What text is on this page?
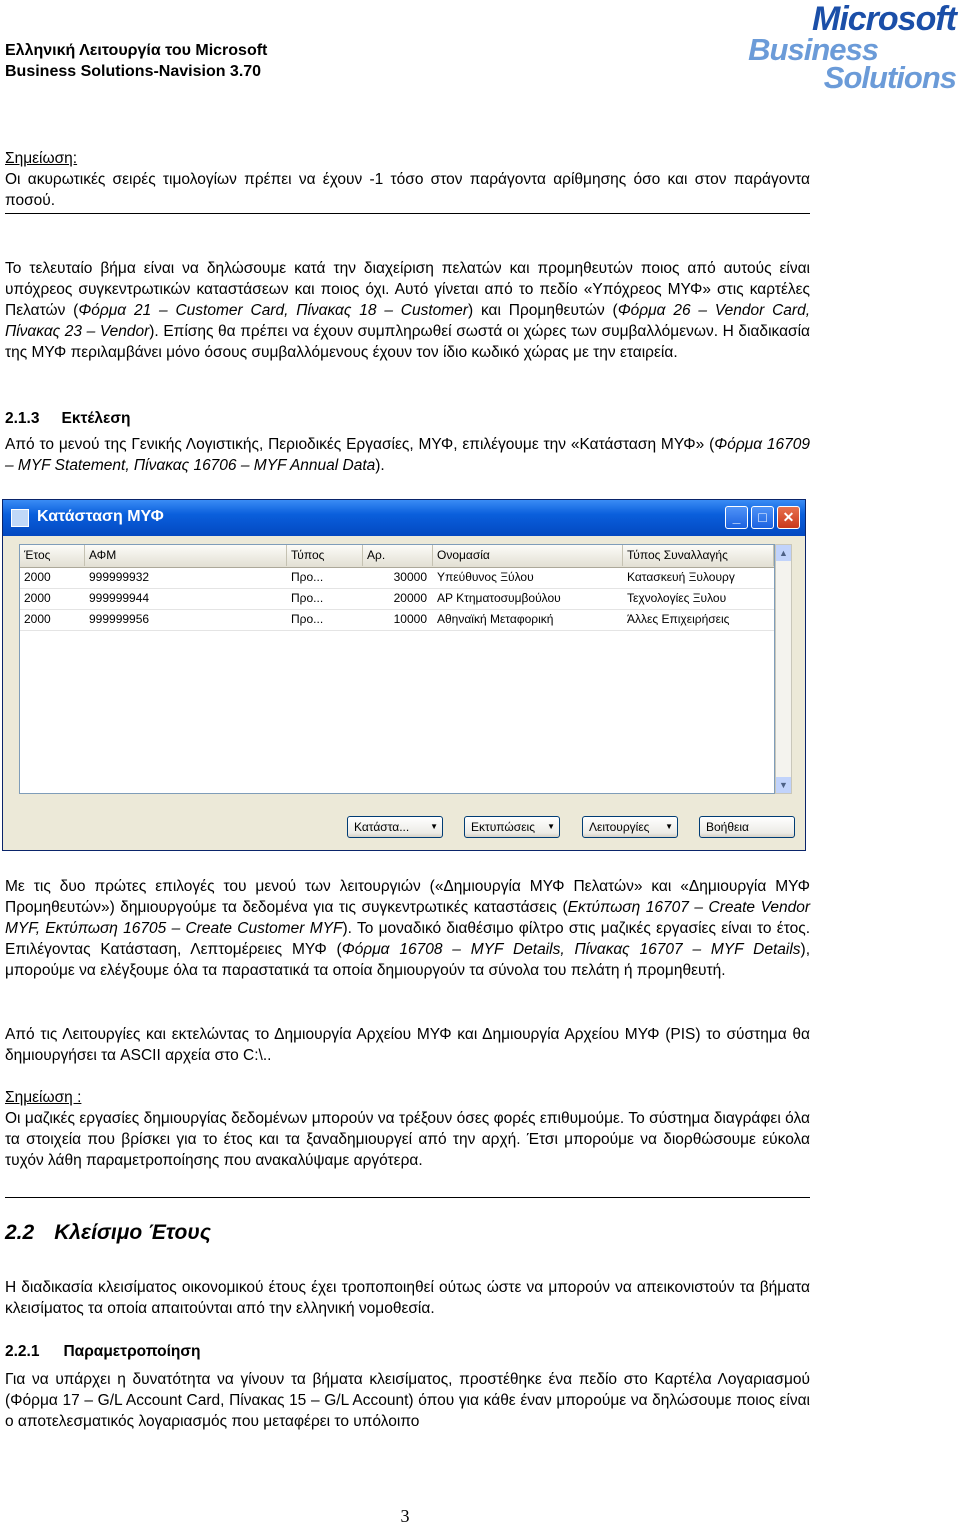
Ελληνική Λειτουργία του Microsoft
Business Solutions-Navision 3.70
Microsoft
Business
Solutions
Σημείωση:
Οι ακυρωτικές σειρές τιμολογίων πρέπει να έχουν -1 τόσο στον παράγοντα αρίθμησης όσο και στον παράγοντα ποσού.
Το τελευταίο βήμα είναι να δηλώσουμε κατά την διαχείριση πελατών και προμηθευτών ποιος από αυτούς είναι υπόχρεος συγκεντρωτικών καταστάσεων και ποιος όχι. Αυτό γίνεται από το πεδίο «Υπόχρεος ΜΥΦ» στις καρτέλες Πελατών (Φόρμα 21 – Customer Card, Πίνακας 18 – Customer) και Προμηθευτών (Φόρμα 26 – Vendor Card, Πίνακας 23 – Vendor). Επίσης θα πρέπει να έχουν συμπληρωθεί σωστά οι χώρες των συμβαλλόμενων. Η διαδικασία της ΜΥΦ περιλαμβάνει μόνο όσους συμβαλλόμενους έχουν τον ίδιο κωδικό χώρας με την εταιρεία.
2.1.3 Εκτέλεση
Από το μενού της Γενικής Λογιστικής, Περιοδικές Εργασίες, ΜΥΦ, επιλέγουμε την «Κατάσταση ΜΥΦ» (Φόρμα 16709 – MYF Statement, Πίνακας 16706 – MYF Annual Data).
Κατάσταση ΜΥΦ	_	□	✕
Έτος	ΑΦΜ	Τύπος	Αρ.	Ονομασία	Τύπος Συναλλαγής
2000	999999932	Προ...	30000 Υπεύθυνος Ξύλου	Κατασκευή Ξυλουργ
2000	999999944	Προ...	20000 ΑΡ Κτηματοσυμβούλου	Τεχνολογίες Ξυλου
2000	999999956	Προ...	10000 Αθηναϊκή Μεταφορική	Άλλες Επιχειρήσεις
▲
▼
Κατάστα...	▼	Εκτυπώσεις ▼	Λειτουργίες ▼	Βοήθεια
Με τις δυο πρώτες επιλογές του μενού των λειτουργιών («Δημιουργία ΜΥΦ Πελατών» και «Δημιουργία ΜΥΦ Προμηθευτών») δημιουργούμε τα δεδομένα για τις συγκεντρωτικές καταστάσεις (Εκτύπωση 16707 – Create Vendor MYF, Εκτύπωση 16705 – Create Customer MYF). Το μοναδικό διαθέσιμο φίλτρο στις μαζικές εργασίες είναι το έτος. Επιλέγοντας Κατάσταση, Λεπτομέρειες ΜΥΦ (Φόρμα 16708 – MYF Details, Πίνακας 16707 – MYF Details), μπορούμε να ελέγξουμε όλα τα παραστατικά τα οποία δημιουργούν τα σύνολα του πελάτη ή προμηθευτή.
Από τις Λειτουργίες και εκτελώντας το Δημιουργία Αρχείου ΜΥΦ και Δημιουργία Αρχείου ΜΥΦ (PIS) το σύστημα θα δημιουργήσει τα ASCII αρχεία στο C:\..
Σημείωση :
Οι μαζικές εργασίες δημιουργίας δεδομένων μπορούν να τρέξουν όσες φορές επιθυμούμε. Το σύστημα διαγράφει όλα τα στοιχεία που βρίσκει για το έτος και τα ξαναδημιουργεί από την αρχή. Έτσι μπορούμε να διορθώσουμε εύκολα τυχόν λάθη παραμετροποίησης που ανακαλύψαμε αργότερα.
2.2 Κλείσιμο Έτους
Η διαδικασία κλεισίματος οικονομικού έτους έχει τροποποιηθεί ούτως ώστε να μπορούν να απεικονιστούν τα βήματα κλεισίματος τα οποία απαιτούνται από την ελληνική νομοθεσία.
2.2.1 Παραμετροποίηση
Για να υπάρχει η δυνατότητα να γίνουν τα βήματα κλεισίματος, προστέθηκε ένα πεδίο στο Καρτέλα Λογαριασμού (Φόρμα 17 – G/L Account Card, Πίνακας 15 – G/L Account) όπου για κάθε έναν μπορούμε να δηλώσουμε ποιος είναι ο αποτελεσματικός λογαριασμός που μεταφέρει το υπόλοιπο
3
